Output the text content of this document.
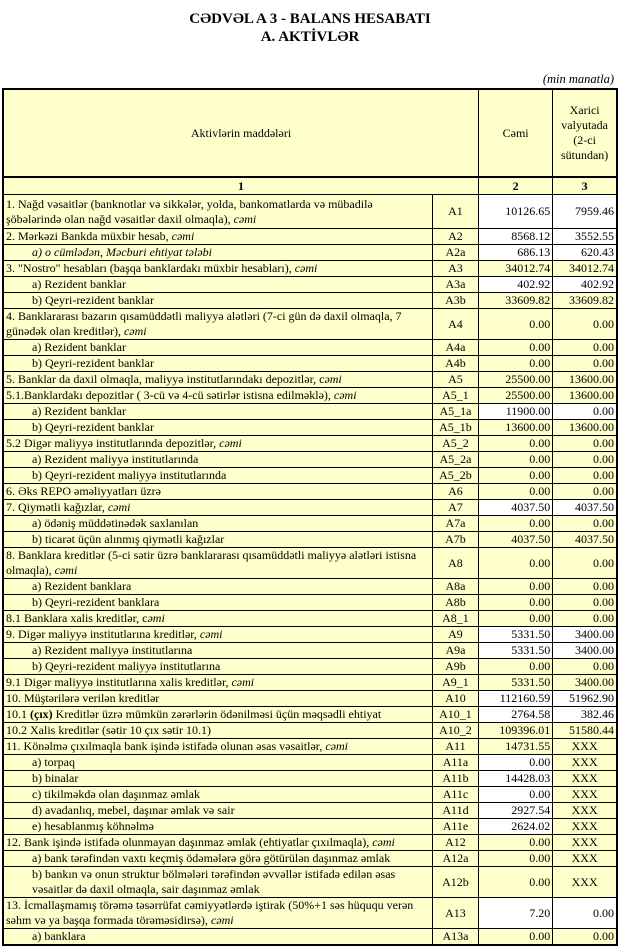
CƏDVƏL A 3 - BALANS HESABATI
A. AKTİVLƏR
(min manatla)
Aktivlərin maddələri		Cəmi	Xarici valyutada (2-ci sütundan)
1		2	3
1. Nağd vəsaitlər (banknotlar və sikkələr, yolda, bankomatlarda və mübadilə şöbələrində olan nağd vəsaitlər daxil olmaqla), cəmi	A1	10126.65	7959.46
2. Mərkəzi Bankda müxbir hesab, cəmi	A2	8568.12	3552.55
a) o cümlədən, Məcburi ehtiyat tələbi	A2a	686.13	620.43
3. "Nostro" hesabları (başqa banklardakı müxbir hesabları), cəmi	A3	34012.74	34012.74
a) Rezident banklar	A3a	402.92	402.92
b) Qeyri-rezident banklar	A3b	33609.82	33609.82
4. Banklararası bazarın qısamüddətli maliyyə alətləri (7-ci gün də daxil olmaqla, 7 günədək olan kreditlər), cəmi	A4	0.00	0.00
a) Rezident banklar	A4a	0.00	0.00
b) Qeyri-rezident banklar	A4b	0.00	0.00
5. Banklar da daxil olmaqla, maliyyə institutlarındakı depozitlər, cəmi	A5	25500.00	13600.00
5.1.Banklardakı depozitlər ( 3-cü və 4-cü sətirlər istisna edilməklə), cəmi	A5_1	25500.00	13600.00
a) Rezident banklar	A5_1a	11900.00	0.00
b) Qeyri-rezident banklar	A5_1b	13600.00	13600.00
5.2 Digər maliyyə institutlarında depozitlər, cəmi	A5_2	0.00	0.00
a) Rezident maliyyə institutlarında	A5_2a	0.00	0.00
b) Qeyri-rezident maliyyə institutlarında	A5_2b	0.00	0.00
6. Əks REPO əməliyyatları üzrə	A6	0.00	0.00
7. Qiymətli kağızlar, cəmi	A7	4037.50	4037.50
a) ödəniş müddətinədək saxlanılan	A7a	0.00	0.00
b) ticarət üçün alınmış qiymətli kağızlar	A7b	4037.50	4037.50
8. Banklara kreditlər (5-ci sətir üzrə banklararası qısamüddətli maliyyə alətləri istisna olmaqla), cəmi	A8	0.00	0.00
a) Rezident banklara	A8a	0.00	0.00
b) Qeyri-rezident banklara	A8b	0.00	0.00
8.1 Banklara xalis kreditlər, cəmi	A8_1	0.00	0.00
9. Digər maliyyə institutlarına kreditlər, cəmi	A9	5331.50	3400.00
a) Rezident maliyyə institutlarına	A9a	5331.50	3400.00
b) Qeyri-rezident maliyyə institutlarına	A9b	0.00	0.00
9.1 Digər maliyyə institutlarına xalis kreditlər, cəmi	A9_1	5331.50	3400.00
10. Müştərilərə verilən kreditlər	A10	112160.59	51962.90
10.1 (çıx) Kreditlər üzrə mümkün zərərlərin ödənilməsi üçün məqsədli ehtiyat	A10_1	2764.58	382.46
10.2 Xalis kreditlər (sətir 10 çıx sətir 10.1)	A10_2	109396.01	51580.44
11. Könəlmə çıxılmaqla bank işində istifadə olunan əsas vəsaitlər, cəmi	A11	14731.55	XXX
a) torpaq	A11a	0.00	XXX
b) binalar	A11b	14428.03	XXX
c) tikilməkdə olan daşınmaz əmlak	A11c	0.00	XXX
d) avadanlıq, mebel, daşınar əmlak və sair	A11d	2927.54	XXX
e) hesablanmış köhnəlmə	A11e	2624.02	XXX
12. Bank işində istifadə olunmayan daşınmaz əmlak (ehtiyatlar çıxılmaqla), cəmi	A12	0.00	XXX
a) bank tərəfindən vaxtı keçmiş ödəmələrə görə götürülən daşınmaz əmlak	A12a	0.00	XXX
b) bankın və onun struktur bölmələri tərəfindən əvvəllər istifadə edilən əsas vəsaitlər də daxil olmaqla, sair daşınmaz əmlak	A12b	0.00	XXX
13. İcmallaşmamış törəmə təsərrüfat cəmiyyətlərdə iştirak (50%+1 səs hüququ verən səhm və ya başqa formada törəməsidirsə), cəmi	A13	7.20	0.00
a) banklara	A13a	0.00	0.00
